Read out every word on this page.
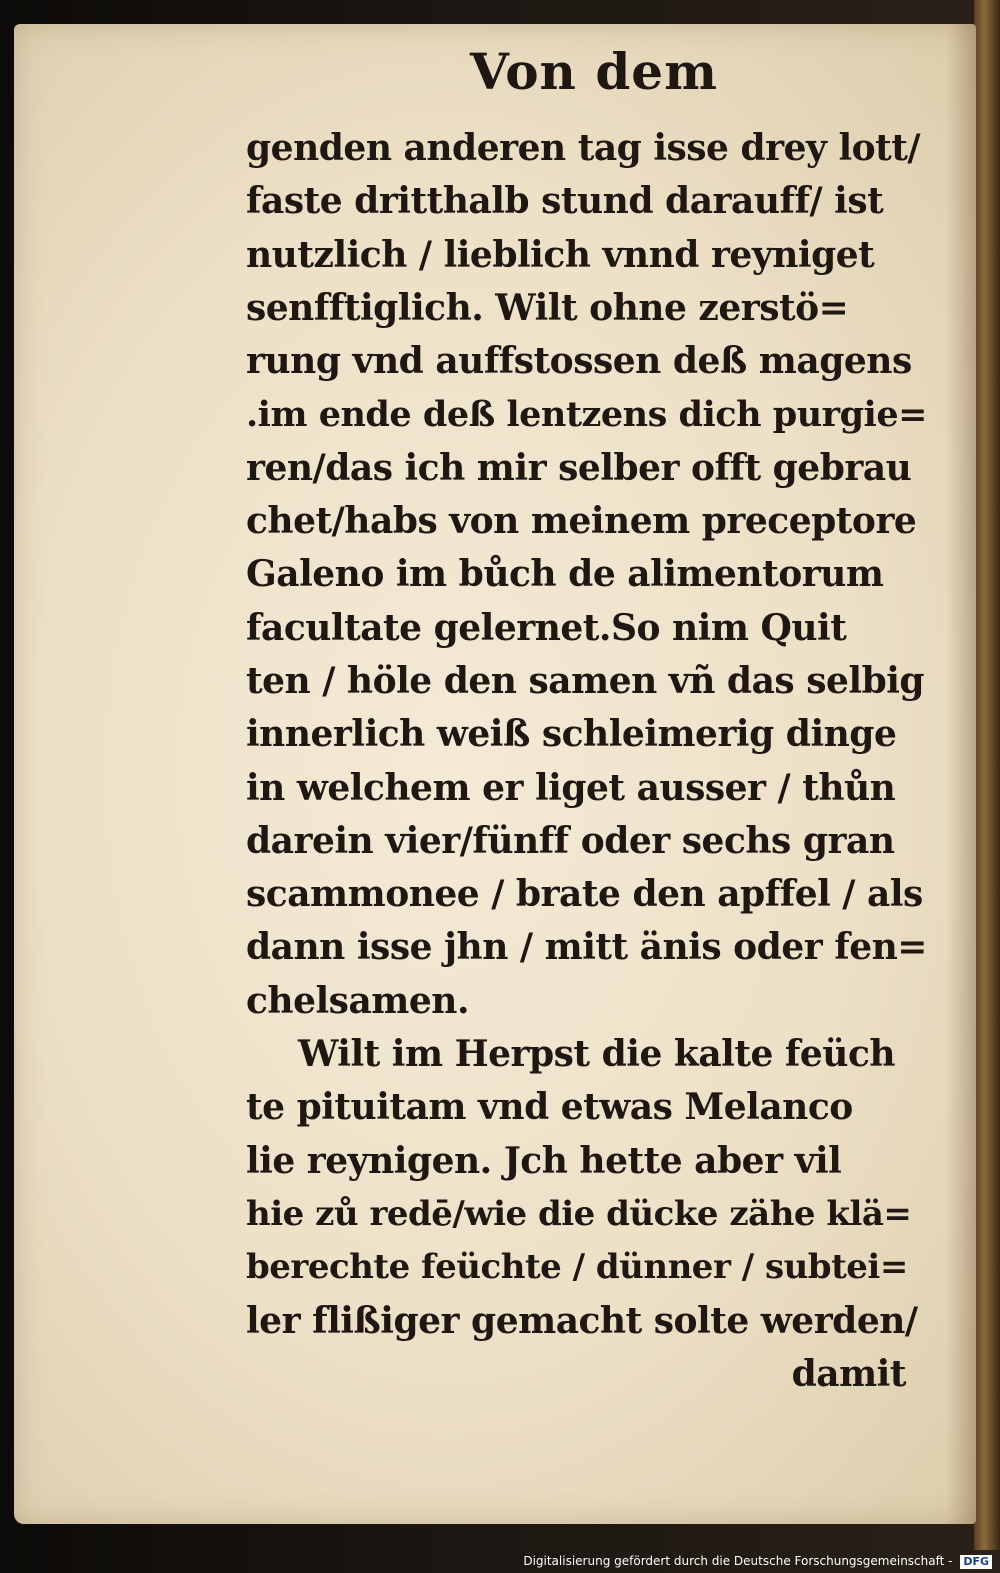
Von dem
genden anderen tag isse drey lott/
faste dritthalb stund darauff/ ist
nutzlich / lieblich vnnd reyniget
senfftiglich. Wilt ohne zerstö=
rung vnd auffstossen deß magens
.im ende deß lentzens dich purgie=
ren/das ich mir selber offt gebrau
chet/habs von meinem preceptore
Galeno im bůch de alimentorum
facultate gelernet.So nim Quit
ten / höle den samen vñ das selbig
innerlich weiß schleimerig dinge
in welchem er liget ausser / thůn
darein vier/fünff oder sechs gran
scammonee / brate den apffel / als
dann isse jhn / mitt änis oder fen=
chelsamen.
Wilt im Herpst die kalte feüch
te pituitam vnd etwas Melanco
lie reynigen. Jch hette aber vil
hie zů redē/wie die dücke zähe klä=
berechte feüchte / dünner / subtei=
ler flißiger gemacht solte werden/
damit
Digitalisierung gefördert durch die Deutsche Forschungsgemeinschaft - DFG
